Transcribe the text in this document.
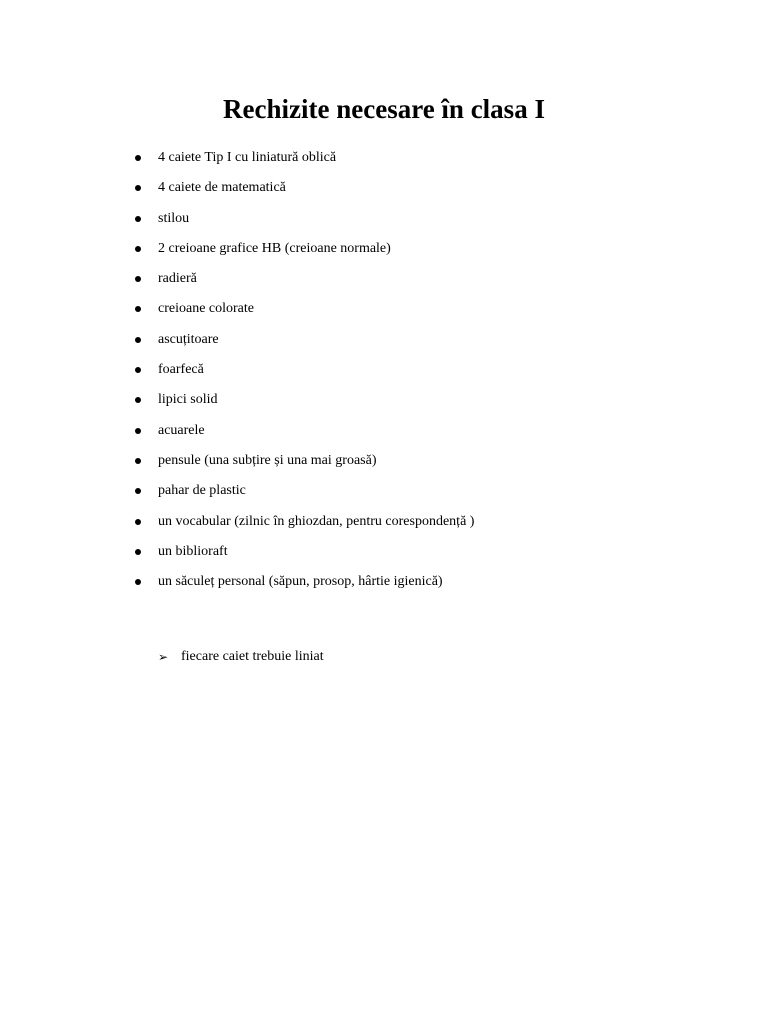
Rechizite necesare în clasa I
4 caiete Tip I cu liniatură oblică
4 caiete de matematică
stilou
2 creioane grafice HB (creioane normale)
radieră
creioane colorate
ascuțitoare
foarfecă
lipici solid
acuarele
pensule (una subțire și una mai groasă)
pahar de plastic
un vocabular (zilnic în ghiozdan, pentru corespondență )
un biblioraft
un săculeț personal (săpun, prosop, hârtie igienică)
➢ fiecare caiet trebuie liniat
